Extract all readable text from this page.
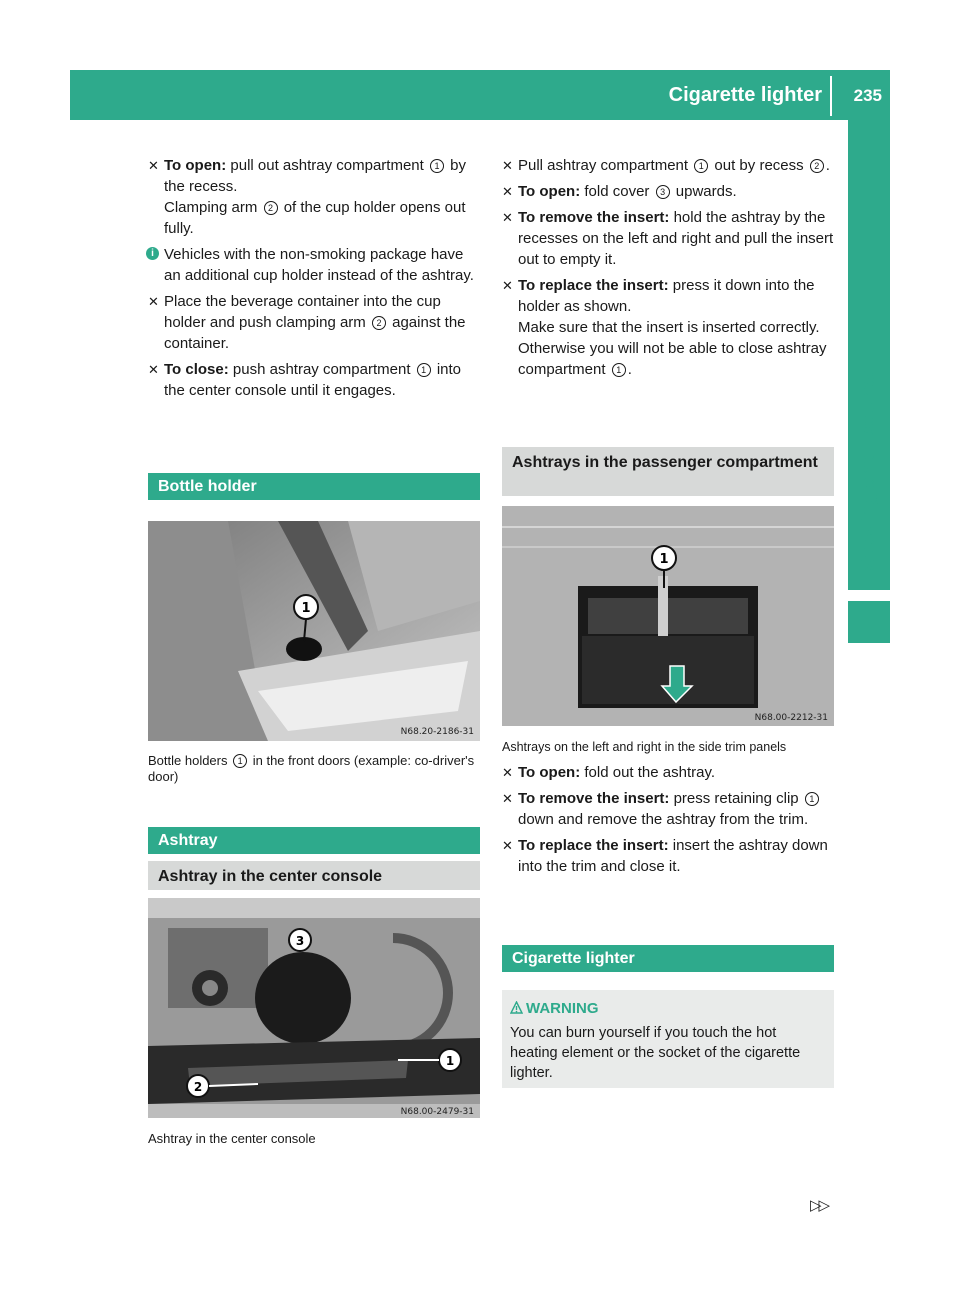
Cigarette lighter 235
Stowing and features
✕ To open: pull out ashtray compartment 1 by the recess.
Clamping arm 2 of the cup holder opens out fully.
i Vehicles with the non-smoking package have an additional cup holder instead of the ashtray.
✕ Place the beverage container into the cup holder and push clamping arm 2 against the container.
✕ To close: push ashtray compartment 1 into the center console until it engages.
Bottle holder
1
N68.20-2186-31
Bottle holders 1 in the front doors (example: co-driver's door)
Ashtray
Ashtray in the center console
3
1
2
N68.00-2479-31
Ashtray in the center console
✕ Pull ashtray compartment 1 out by recess 2 .
✕ To open: fold cover 3 upwards.
✕ To remove the insert: hold the ashtray by the recesses on the left and right and pull the insert out to empty it.
✕ To replace the insert: press it down into the holder as shown.
Make sure that the insert is inserted correctly. Otherwise you will not be able to close ashtray compartment 1 .
Ashtrays in the passenger compartment
1
N68.00-2212-31
Ashtrays on the left and right in the side trim panels
✕ To open: fold out the ashtray.
✕ To remove the insert: press retaining clip 1 down and remove the ashtray from the trim.
✕ To replace the insert: insert the ashtray down into the trim and close it.
Cigarette lighter
WARNING
You can burn yourself if you touch the hot heating element or the socket of the cigarette lighter.
▷▷
